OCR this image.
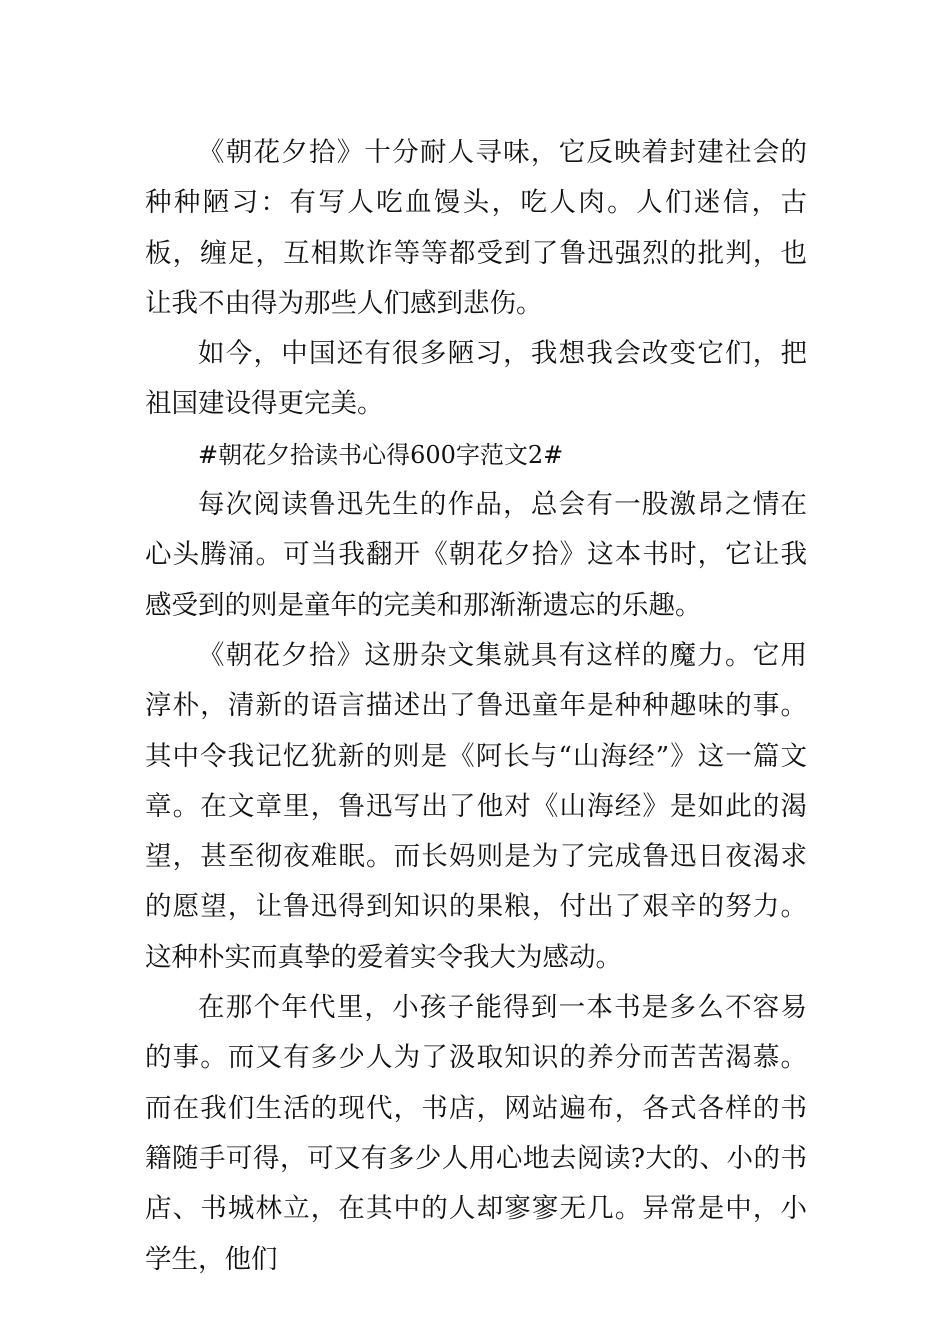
《朝花夕拾》十分耐人寻味，它反映着封建社会的种种陋习：有写人吃血馒头，吃人肉。人们迷信，古板，缠足，互相欺诈等等都受到了鲁迅强烈的批判，也让我不由得为那些人们感到悲伤。

如今，中国还有很多陋习，我想我会改变它们，把祖国建设得更完美。

#朝花夕拾读书心得600字范文2#

每次阅读鲁迅先生的作品，总会有一股激昂之情在心头腾涌。可当我翻开《朝花夕拾》这本书时，它让我感受到的则是童年的完美和那渐渐遗忘的乐趣。

《朝花夕拾》这册杂文集就具有这样的魔力。它用淳朴，清新的语言描述出了鲁迅童年是种种趣味的事。其中令我记忆犹新的则是《阿长与“山海经”》这一篇文章。在文章里，鲁迅写出了他对《山海经》是如此的渴望，甚至彻夜难眠。而长妈则是为了完成鲁迅日夜渴求的愿望，让鲁迅得到知识的果粮，付出了艰辛的努力。这种朴实而真挚的爱着实令我大为感动。

在那个年代里，小孩子能得到一本书是多么不容易的事。而又有多少人为了汲取知识的养分而苦苦渴慕。而在我们生活的现代，书店，网站遍布，各式各样的书籍随手可得，可又有多少人用心地去阅读?大的、小的书店、书城林立，在其中的人却寥寥无几。异常是中，小学生，他们
